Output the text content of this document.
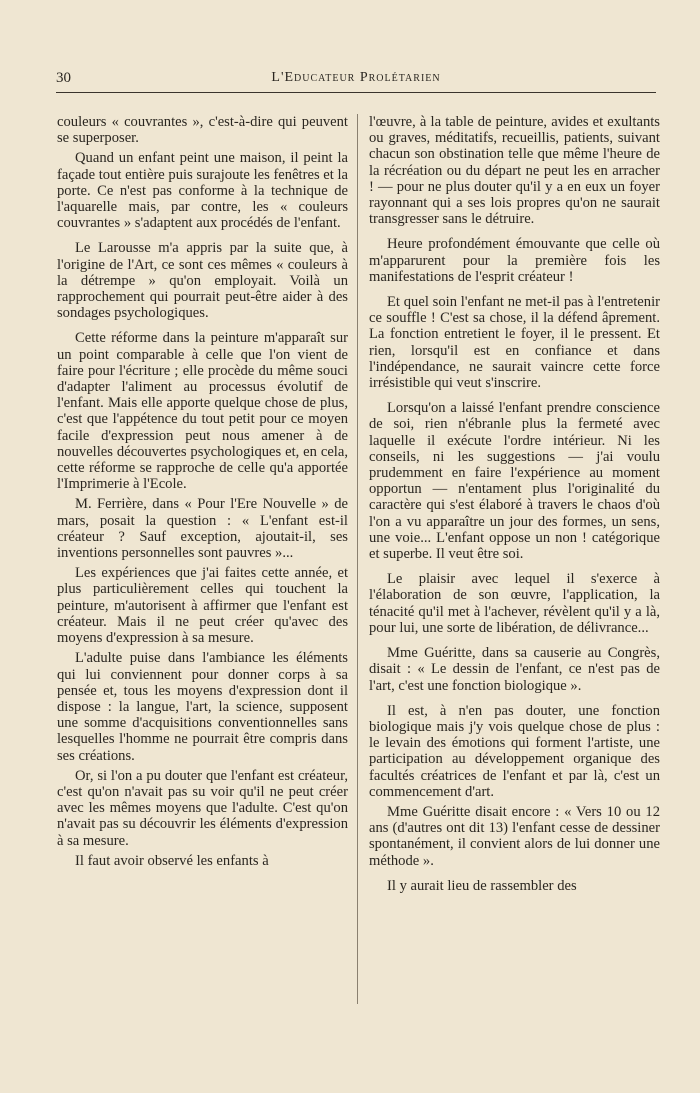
30	L'Educateur Prolétarien

couleurs « couvrantes », c'est-à-dire qui peuvent se superposer.

Quand un enfant peint une maison, il peint la façade tout entière puis surajoute les fenêtres et la porte. Ce n'est pas conforme à la technique de l'aquarelle mais, par contre, les « couleurs couvrantes » s'adaptent aux procédés de l'enfant.

Le Larousse m'a appris par la suite que, à l'origine de l'Art, ce sont ces mêmes « couleurs à la détrempe » qu'on employait. Voilà un rapprochement qui pourrait peut-être aider à des sondages psychologiques.

Cette réforme dans la peinture m'apparaît sur un point comparable à celle que l'on vient de faire pour l'écriture ; elle procède du même souci d'adapter l'aliment au processus évolutif de l'enfant. Mais elle apporte quelque chose de plus, c'est que l'appétence du tout petit pour ce moyen facile d'expression peut nous amener à de nouvelles découvertes psychologiques et, en cela, cette réforme se rapproche de celle qu'a apportée l'Imprimerie à l'Ecole.

M. Ferrière, dans « Pour l'Ere Nouvelle » de mars, posait la question : « L'enfant est-il créateur ? Sauf exception, ajoutait-il, ses inventions personnelles sont pauvres »...

Les expériences que j'ai faites cette année, et plus particulièrement celles qui touchent la peinture, m'autorisent à affirmer que l'enfant est créateur. Mais il ne peut créer qu'avec des moyens d'expression à sa mesure.

L'adulte puise dans l'ambiance les éléments qui lui conviennent pour donner corps à sa pensée et, tous les moyens d'expression dont il dispose : la langue, l'art, la science, supposent une somme d'acquisitions conventionnelles sans lesquelles l'homme ne pourrait être compris dans ses créations.

Or, si l'on a pu douter que l'enfant est créateur, c'est qu'on n'avait pas su voir qu'il ne peut créer avec les mêmes moyens que l'adulte. C'est qu'on n'avait pas su découvrir les éléments d'expression à sa mesure.

Il faut avoir observé les enfants à

l'œuvre, à la table de peinture, avides et exultants ou graves, méditatifs, recueillis, patients, suivant chacun son obstination telle que même l'heure de la récréation ou du départ ne peut les en arracher ! — pour ne plus douter qu'il y a en eux un foyer rayonnant qui a ses lois propres qu'on ne saurait transgresser sans le détruire.

Heure profondément émouvante que celle où m'apparurent pour la première fois les manifestations de l'esprit créateur !

Et quel soin l'enfant ne met-il pas à l'entretenir ce souffle ! C'est sa chose, il la défend âprement. La fonction entretient le foyer, il le pressent. Et rien, lorsqu'il est en confiance et dans l'indépendance, ne saurait vaincre cette force irrésistible qui veut s'inscrire.

Lorsqu'on a laissé l'enfant prendre conscience de soi, rien n'ébranle plus la fermeté avec laquelle il exécute l'ordre intérieur. Ni les conseils, ni les suggestions — j'ai voulu prudemment en faire l'expérience au moment opportun — n'entament plus l'originalité du caractère qui s'est élaboré à travers le chaos d'où l'on a vu apparaître un jour des formes, un sens, une voie... L'enfant oppose un non ! catégorique et superbe. Il veut être soi.

Le plaisir avec lequel il s'exerce à l'élaboration de son œuvre, l'application, la ténacité qu'il met à l'achever, révèlent qu'il y a là, pour lui, une sorte de libération, de délivrance...

Mme Guéritte, dans sa causerie au Congrès, disait : « Le dessin de l'enfant, ce n'est pas de l'art, c'est une fonction biologique ».

Il est, à n'en pas douter, une fonction biologique mais j'y vois quelque chose de plus : le levain des émotions qui forment l'artiste, une participation au développement organique des facultés créatrices de l'enfant et par là, c'est un commencement d'art.

Mme Guéritte disait encore : « Vers 10 ou 12 ans (d'autres ont dit 13) l'enfant cesse de dessiner spontanément, il convient alors de lui donner une méthode ».

Il y aurait lieu de rassembler des
